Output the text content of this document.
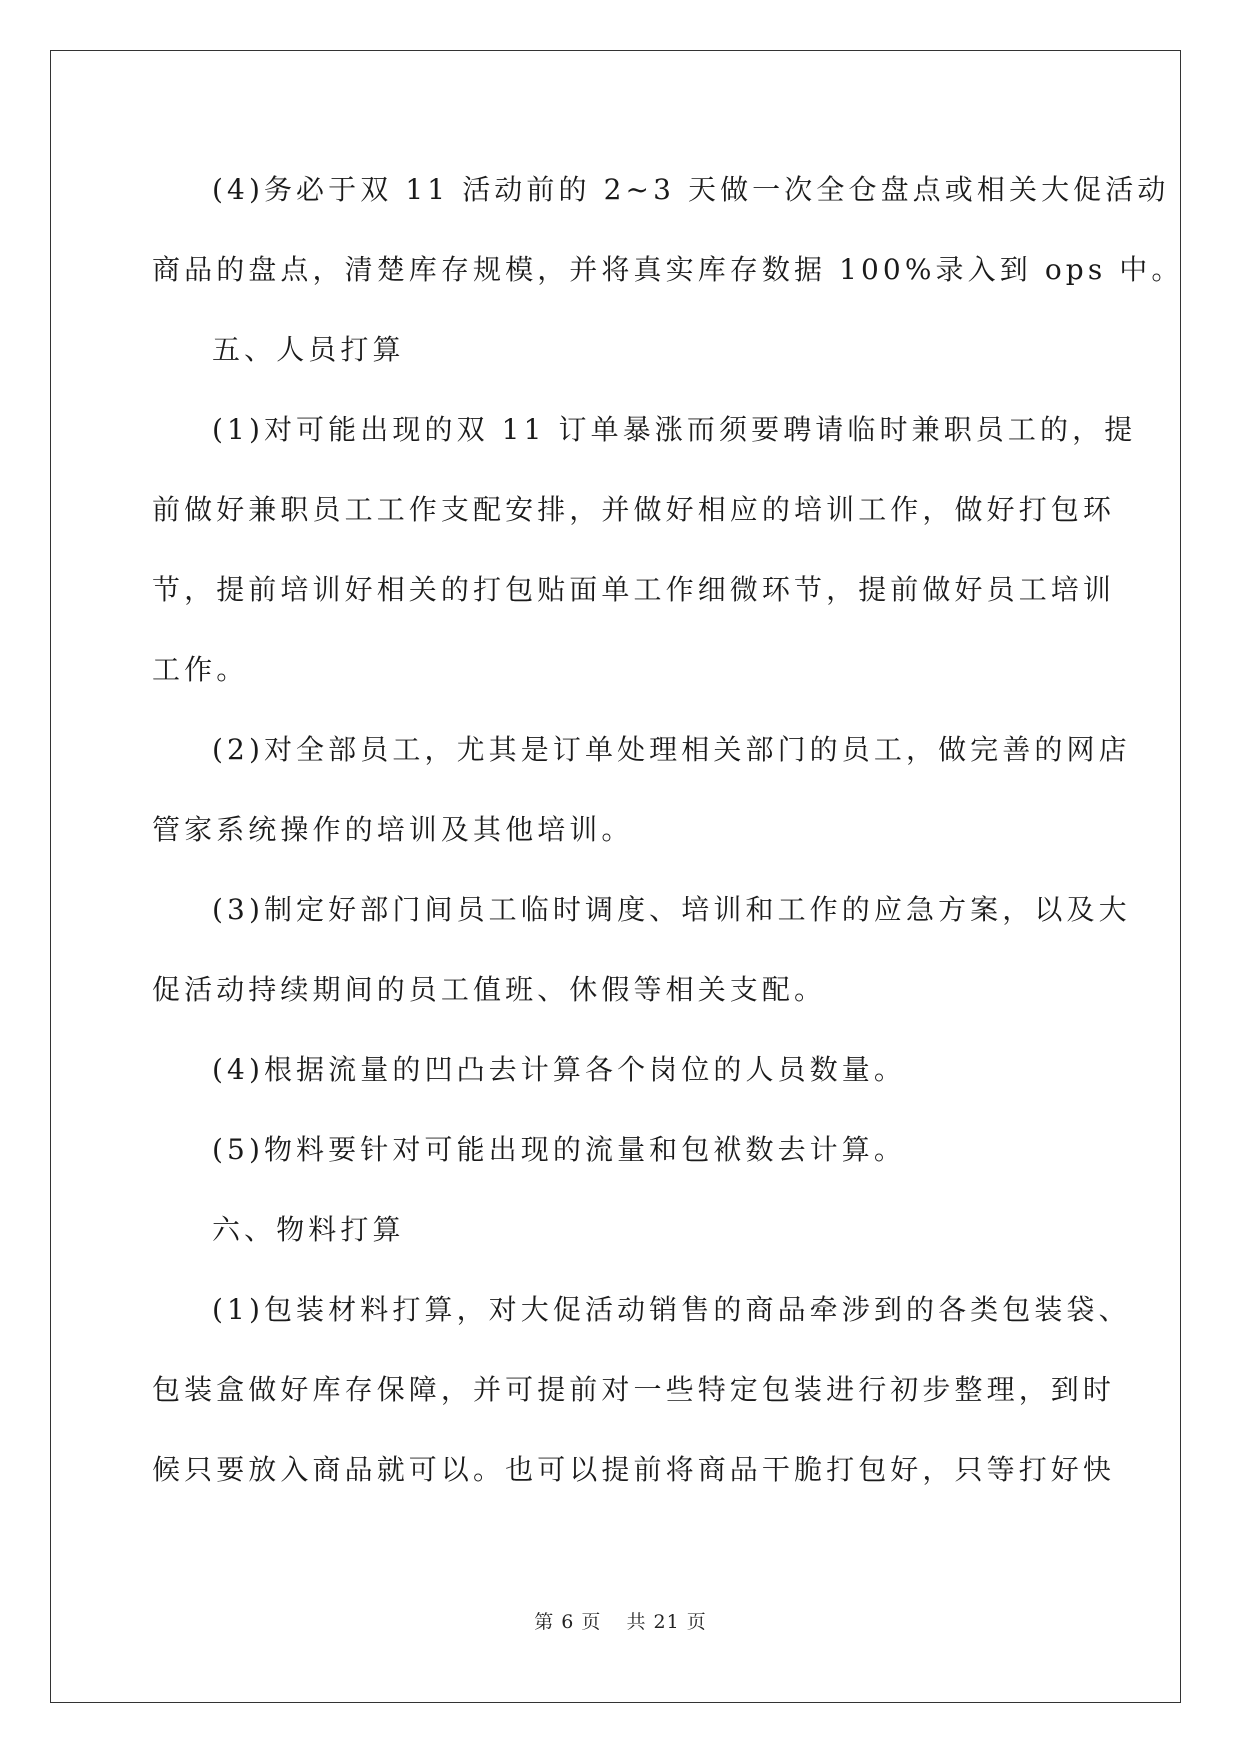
(4)务必于双 11 活动前的 2~3 天做一次全仓盘点或相关大促活动
商品的盘点，清楚库存规模，并将真实库存数据 100%录入到 ops 中。
五、人员打算
(1)对可能出现的双 11 订单暴涨而须要聘请临时兼职员工的，提
前做好兼职员工工作支配安排，并做好相应的培训工作，做好打包环
节，提前培训好相关的打包贴面单工作细微环节，提前做好员工培训
工作。
(2)对全部员工，尤其是订单处理相关部门的员工，做完善的网店
管家系统操作的培训及其他培训。
(3)制定好部门间员工临时调度、培训和工作的应急方案，以及大
促活动持续期间的员工值班、休假等相关支配。
(4)根据流量的凹凸去计算各个岗位的人员数量。
(5)物料要针对可能出现的流量和包袱数去计算。
六、物料打算
(1)包装材料打算，对大促活动销售的商品牵涉到的各类包装袋、
包装盒做好库存保障，并可提前对一些特定包装进行初步整理，到时
候只要放入商品就可以。也可以提前将商品干脆打包好，只等打好快
第 6 页 共 21 页
